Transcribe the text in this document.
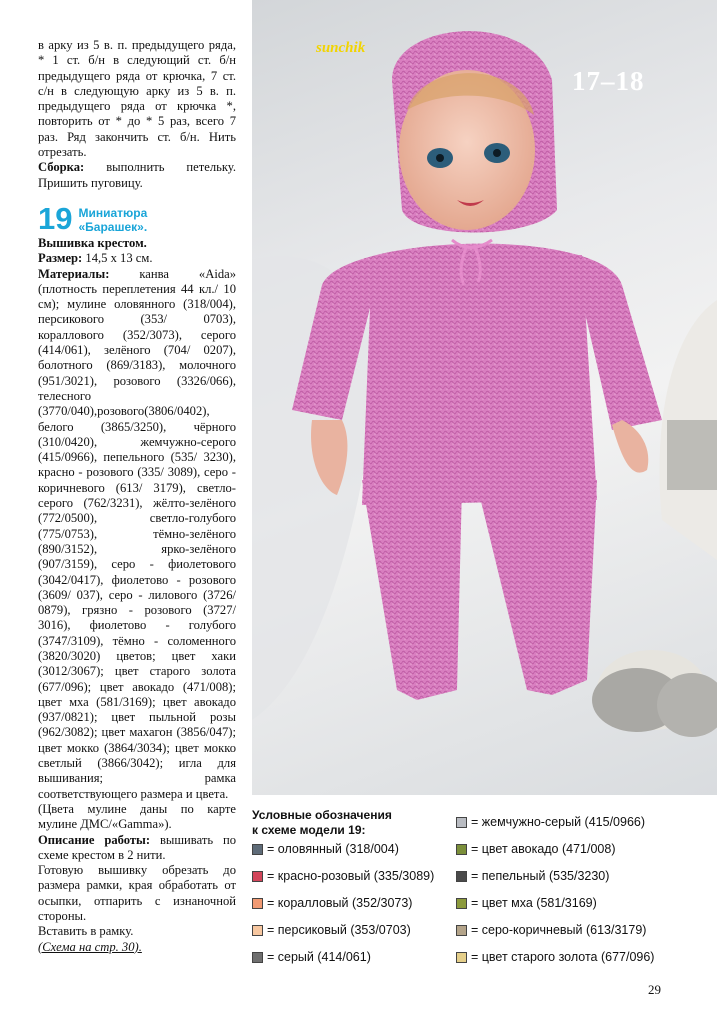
в арку из 5 в. п. предыдущего ряда, * 1 ст. б/н в следующий ст. б/н предыдущего ряда от крючка, 7 ст. с/н в следующую арку из 5 в. п. предыдущего ряда от крючка *, повторить от * до * 5 раз, всего 7 раз. Ряд закончить ст. б/н. Нить отрезать.

Сборка: выполнить петельку. Пришить пуговицу.

19 Миниатюра
«Барашек».

Вышивка крестом.

Размер: 14,5 х 13 см.

Материалы: канва «Aida» (плотность переплетения 44 кл./ 10 см); мулине оловянного (318/004), персикового (353/ 0703), кораллового (352/3073), серого (414/061), зелёного (704/ 0207), болотного (869/3183), молочного (951/3021), розового (3326/066), телесного (3770/040),розового(3806/0402), белого (3865/3250), чёрного (310/0420), жемчужно-серого (415/0966), пепельного (535/ 3230), красно - розового (335/ 3089), серо - коричневого (613/ 3179), светло-серого (762/3231), жёлто-зелёного (772/0500), светло-голубого (775/0753), тёмно-зелёного (890/3152), ярко-зелёного (907/3159), серо - фиолетового (3042/0417), фиолетово - розового (3609/ 037), серо - лилового (3726/ 0879), грязно - розового (3727/ 3016), фиолетово - голубого (3747/3109), тёмно - соломенного (3820/3020) цветов; цвет хаки (3012/3067); цвет старого золота (677/096); цвет авокадо (471/008); цвет мха (581/3169); цвет авокадо (937/0821); цвет пыльной розы (962/3082); цвет махагон (3856/047); цвет мокко (3864/3034); цвет мокко светлый (3866/3042); игла для вышивания; рамка соответствующего размера и цвета.

(Цвета мулине даны по карте мулине ДМС/«Gamma»).

Описание работы: вышивать по схеме крестом в 2 нити.

Готовую вышивку обрезать до размера рамки, края обработать от осыпки, отпарить с изнаночной стороны.

Вставить в рамку.

(Схема на стр. 30).

sunchik
17–18
Условные обозначения
к схеме модели 19:
= оловянный (318/004)
= красно-розовый (335/3089)
= коралловый (352/3073)
= персиковый (353/0703)
= серый (414/061)
= жемчужно-серый (415/0966)
= цвет авокадо (471/008)
= пепельный (535/3230)
= цвет мха (581/3169)
= серо-коричневый (613/3179)
= цвет старого золота (677/096)
29
